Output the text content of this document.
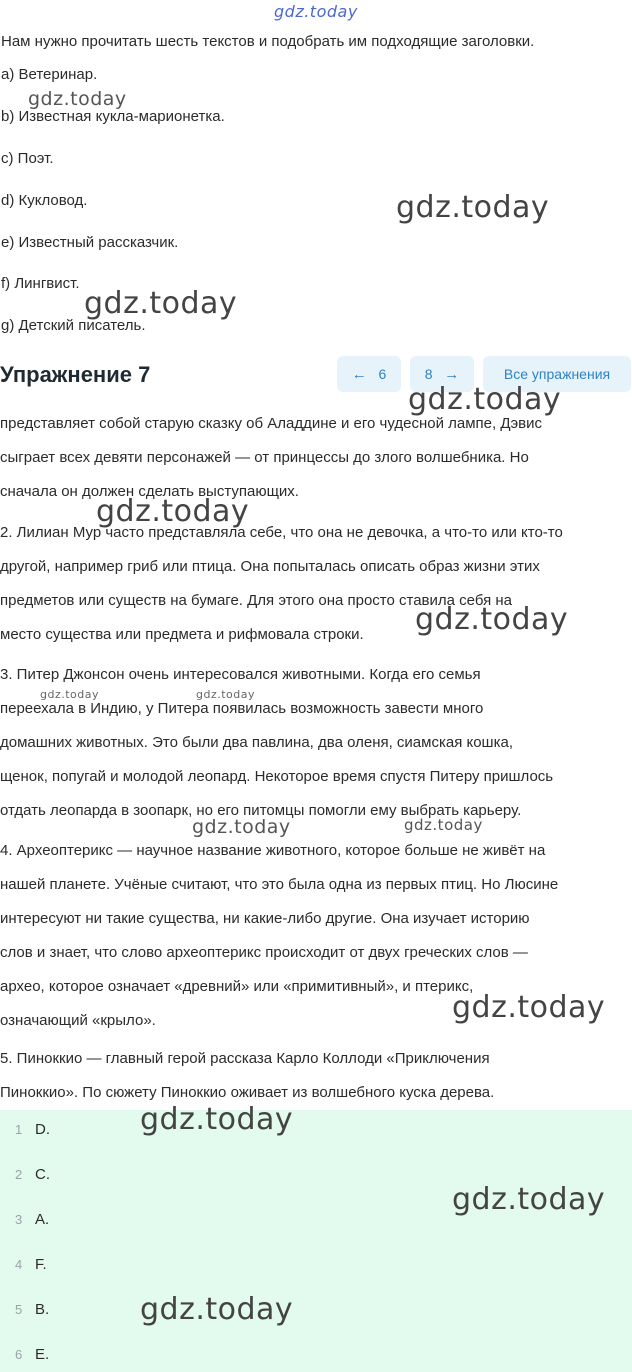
gdz.today
Нам нужно прочитать шесть текстов и подобрать им подходящие заголовки.
a) Ветеринар.
b) Известная кукла-марионетка.
c) Поэт.
d) Кукловод.
e) Известный рассказчик.
f) Лингвист.
g) Детский писатель.
Упражнение 7	← 6	8 →	Все упражнения
представляет собой старую сказку об Аладдине и его чудесной лампе, Дэвис
сыграет всех девяти персонажей — от принцессы до злого волшебника. Но
сначала он должен сделать выступающих.
2. Лилиан Мур часто представляла себе, что она не девочка, а что-то или кто-то
другой, например гриб или птица. Она попыталась описать образ жизни этих
предметов или существ на бумаге. Для этого она просто ставила себя на
место существа или предмета и рифмовала строки.
3. Питер Джонсон очень интересовался животными. Когда его семья
переехала в Индию, у Питера появилась возможность завести много
домашних животных. Это были два павлина, два оленя, сиамская кошка,
щенок, попугай и молодой леопард. Некоторое время спустя Питеру пришлось
отдать леопарда в зоопарк, но его питомцы помогли ему выбрать карьеру.
4. Археоптерикс — научное название животного, которое больше не живёт на
нашей планете. Учёные считают, что это была одна из первых птиц. Но Люсине
интересуют ни такие существа, ни какие-либо другие. Она изучает историю
слов и знает, что слово археоптерикс происходит от двух греческих слов —
архео, которое означает «древний» или «примитивный», и птерикс,
означающий «крыло».
5. Пиноккио — главный герой рассказа Карло Коллоди «Приключения
Пиноккио». По сюжету Пиноккио оживает из волшебного куска дерева.
1 D.
2 C.
3 A.
4 F.
5 B.
6 E.
gdz.today
gdz.today
gdz.today
gdz.today
gdz.today
gdz.today
gdz.today	gdz.today
gdz.today	gdz.today
gdz.today
gdz.today
gdz.today
gdz.today
